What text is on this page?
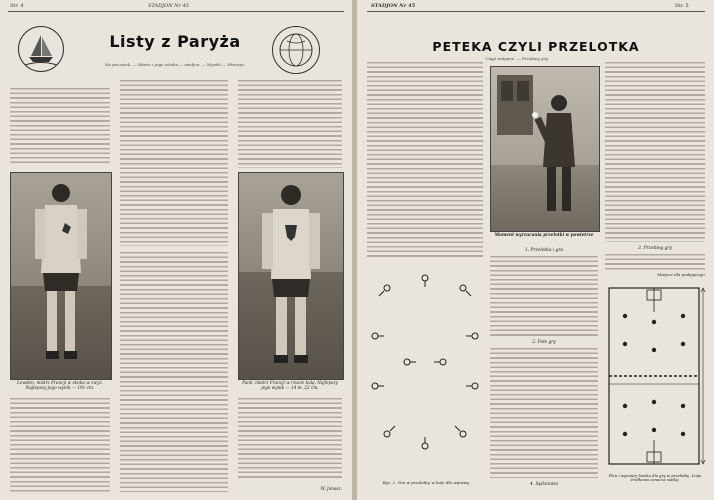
Str. 4	STADJON Nr 45
Listy z Paryża
Na początek. — Mistrz i jego sztuka — stadjon. — Wyniki — Historja.
Lewden, mistrz Francji w skoku w zwyż. Najlepszy jego wynik — 191 cm.
Paoli, mistrz Francji w rzucie kulą. Najlepszy jego wynik — 14 m. 22 cm.
W. Jonasz.
STADJON Nr 45	Str. 5
PETEKA CZYLI PRZELOTKA
Ciągi wstępne. — Przebieg gry.
Moment wyrzucania przelotki w powietrze
1. Przelotka i gra
2. Pole gry
3. Przebieg gry
4. Sędziowie
Rys. 2. Gra w przelotkę w kole dla wprawy
Miejsce dla podającego
Plan i wymiary boiska dla gry w przelotkę. Linja środkowa oznacza siatkę.
